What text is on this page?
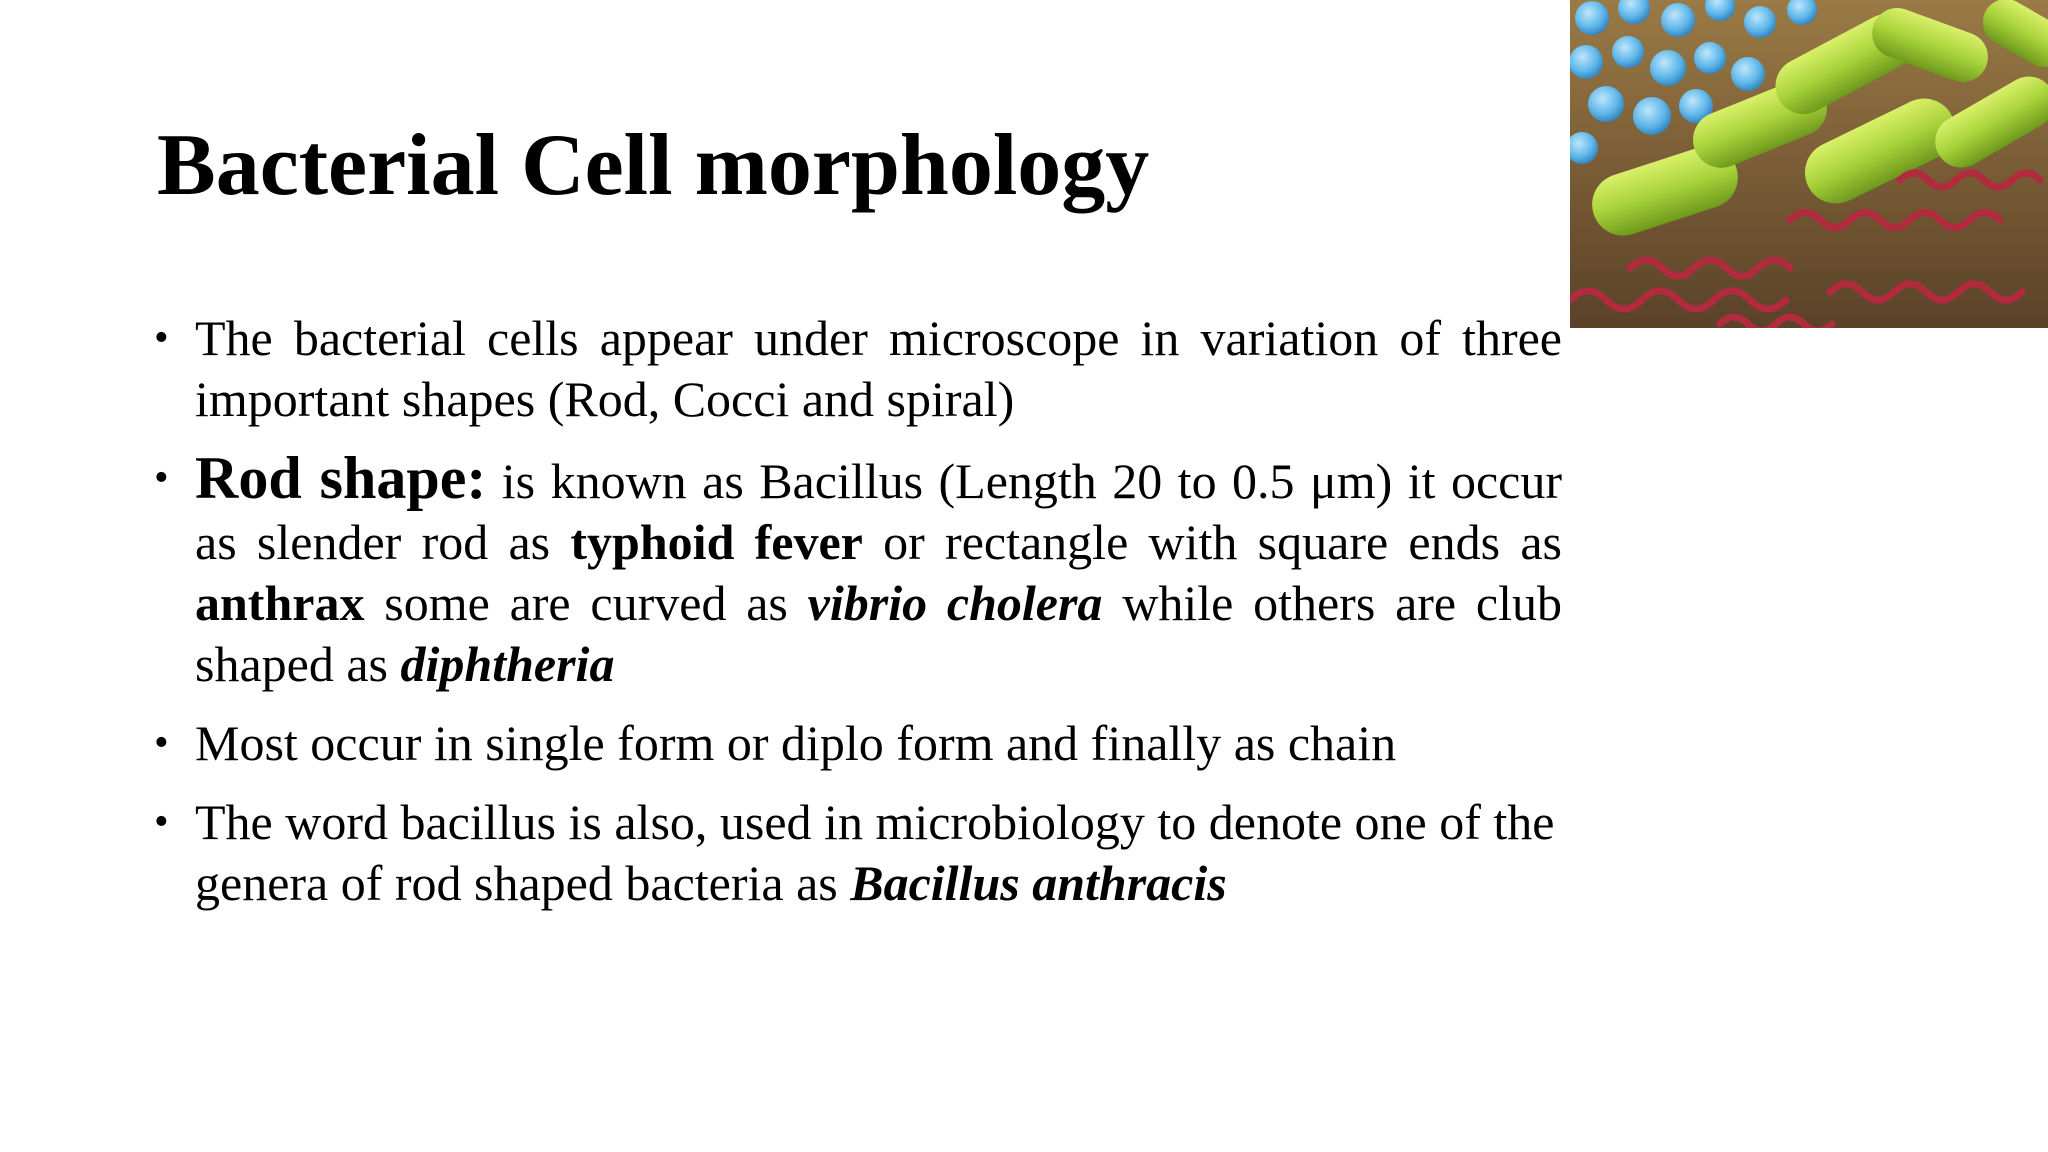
Bacterial Cell morphology
• The bacterial cells appear under microscope in variation of three important shapes (Rod, Cocci and spiral)
• Rod shape: is known as Bacillus (Length 20 to 0.5 μm) it occur as slender rod as typhoid fever or rectangle with square ends as anthrax some are curved as vibrio cholera while others are club shaped as diphtheria
• Most occur in single form or diplo form and finally as chain
• The word bacillus is also, used in microbiology to denote one of the genera of rod shaped bacteria as Bacillus anthracis
